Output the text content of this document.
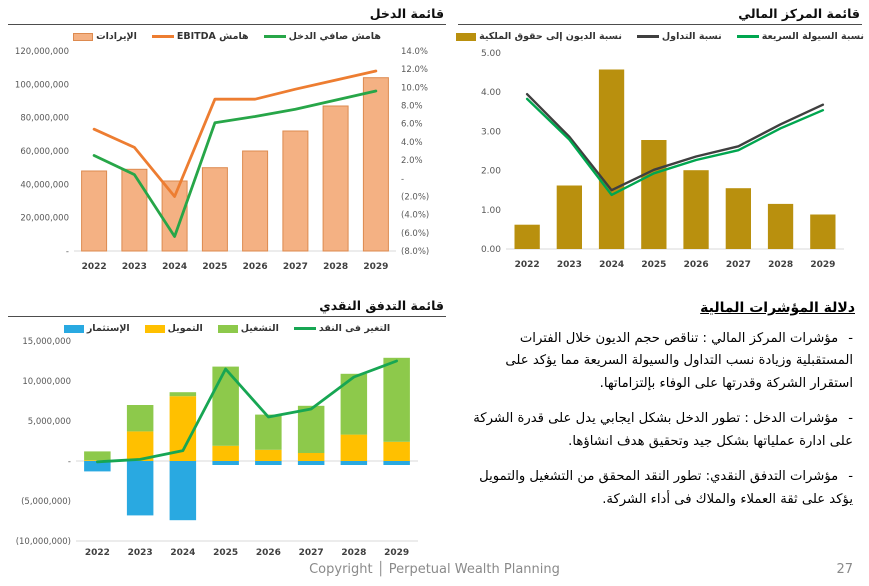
قائمة الدخل
الإيرادات	هامش EBITDA	هامش صافي الدخل
120,000,000
100,000,000
80,000,000
60,000,000
40,000,000
20,000,000
-
14.0%
12.0%
10.0%
8.0%
6.0%
4.0%
2.0%
-
(2.0%)
(4.0%)
(6.0%)
(8.0%)
2022 2023 2024 2025 2026 2027 2028 2029
قائمة المركز المالي
نسبة الديون إلى حقوق الملكية	نسبة التداول	نسبة السيولة السريعة
5.00
4.00
3.00
2.00
1.00
0.00
2022 2023 2024 2025 2026 2027 2028 2029
قائمة التدفق النقدي
الإستثمار	التمويل	التشغيل	التغير فى النقد
15,000,000
10,000,000
5,000,000
-
(5,000,000)
(10,000,000)
2022 2023 2024 2025 2026 2027 2028 2029
دلالة المؤشرات المالية

-مؤشرات المركز المالي : تناقص حجم الديون خلال الفترات المستقبلية وزيادة نسب التداول والسيولة السريعة مما يؤكد على استقرار الشركة وقدرتها على الوفاء بإلتزاماتها.

-مؤشرات الدخل : تطور الدخل بشكل ايجابي يدل على قدرة الشركة على ادارة عملياتها بشكل جيد وتحقيق هدف انشاؤها.

-مؤشرات التدفق النقدي: تطور النقد المحقق من التشغيل والتمويل يؤكد على ثقة العملاء والملاك فى أداء الشركة.

Copyright │ Perpetual Wealth Planning	27
